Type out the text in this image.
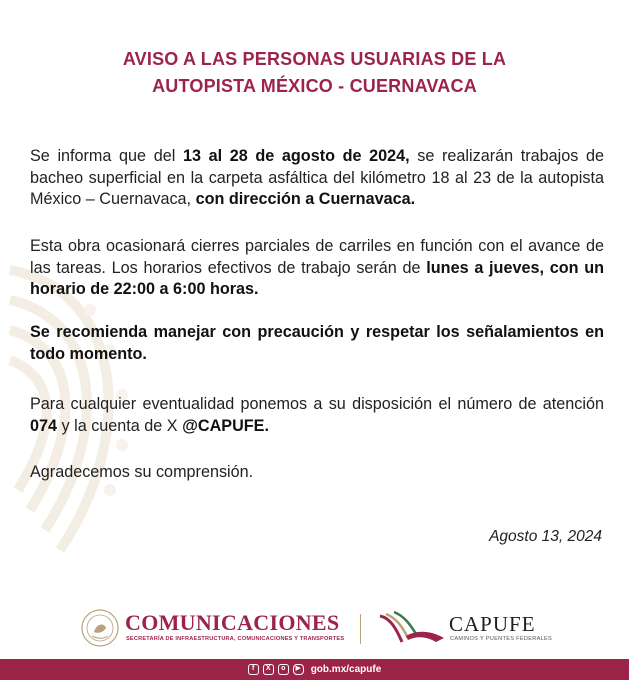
AVISO A LAS PERSONAS USUARIAS DE LA
AUTOPISTA MÉXICO - CUERNAVACA
Se informa que del 13 al 28 de agosto de 2024, se realizarán trabajos de bacheo superficial en la carpeta asfáltica del kilómetro 18 al 23 de la autopista México – Cuernavaca, con dirección a Cuernavaca.
Esta obra ocasionará cierres parciales de carriles en función con el avance de las tareas. Los horarios efectivos de trabajo serán de lunes a jueves, con un horario de 22:00 a 6:00 horas.
Se recomienda manejar con precaución y respetar los señalamientos en todo momento.
Para cualquier eventualidad ponemos a su disposición el número de atención 074 y la cuenta de X @CAPUFE.
Agradecemos su comprensión.
Agosto 13, 2024
COMUNICACIONES
SECRETARÍA DE INFRAESTRUCTURA, COMUNICACIONES Y TRANSPORTES
CAPUFE
CAMINOS Y PUENTES FEDERALES
f	X	o	▶ gob.mx/capufe
